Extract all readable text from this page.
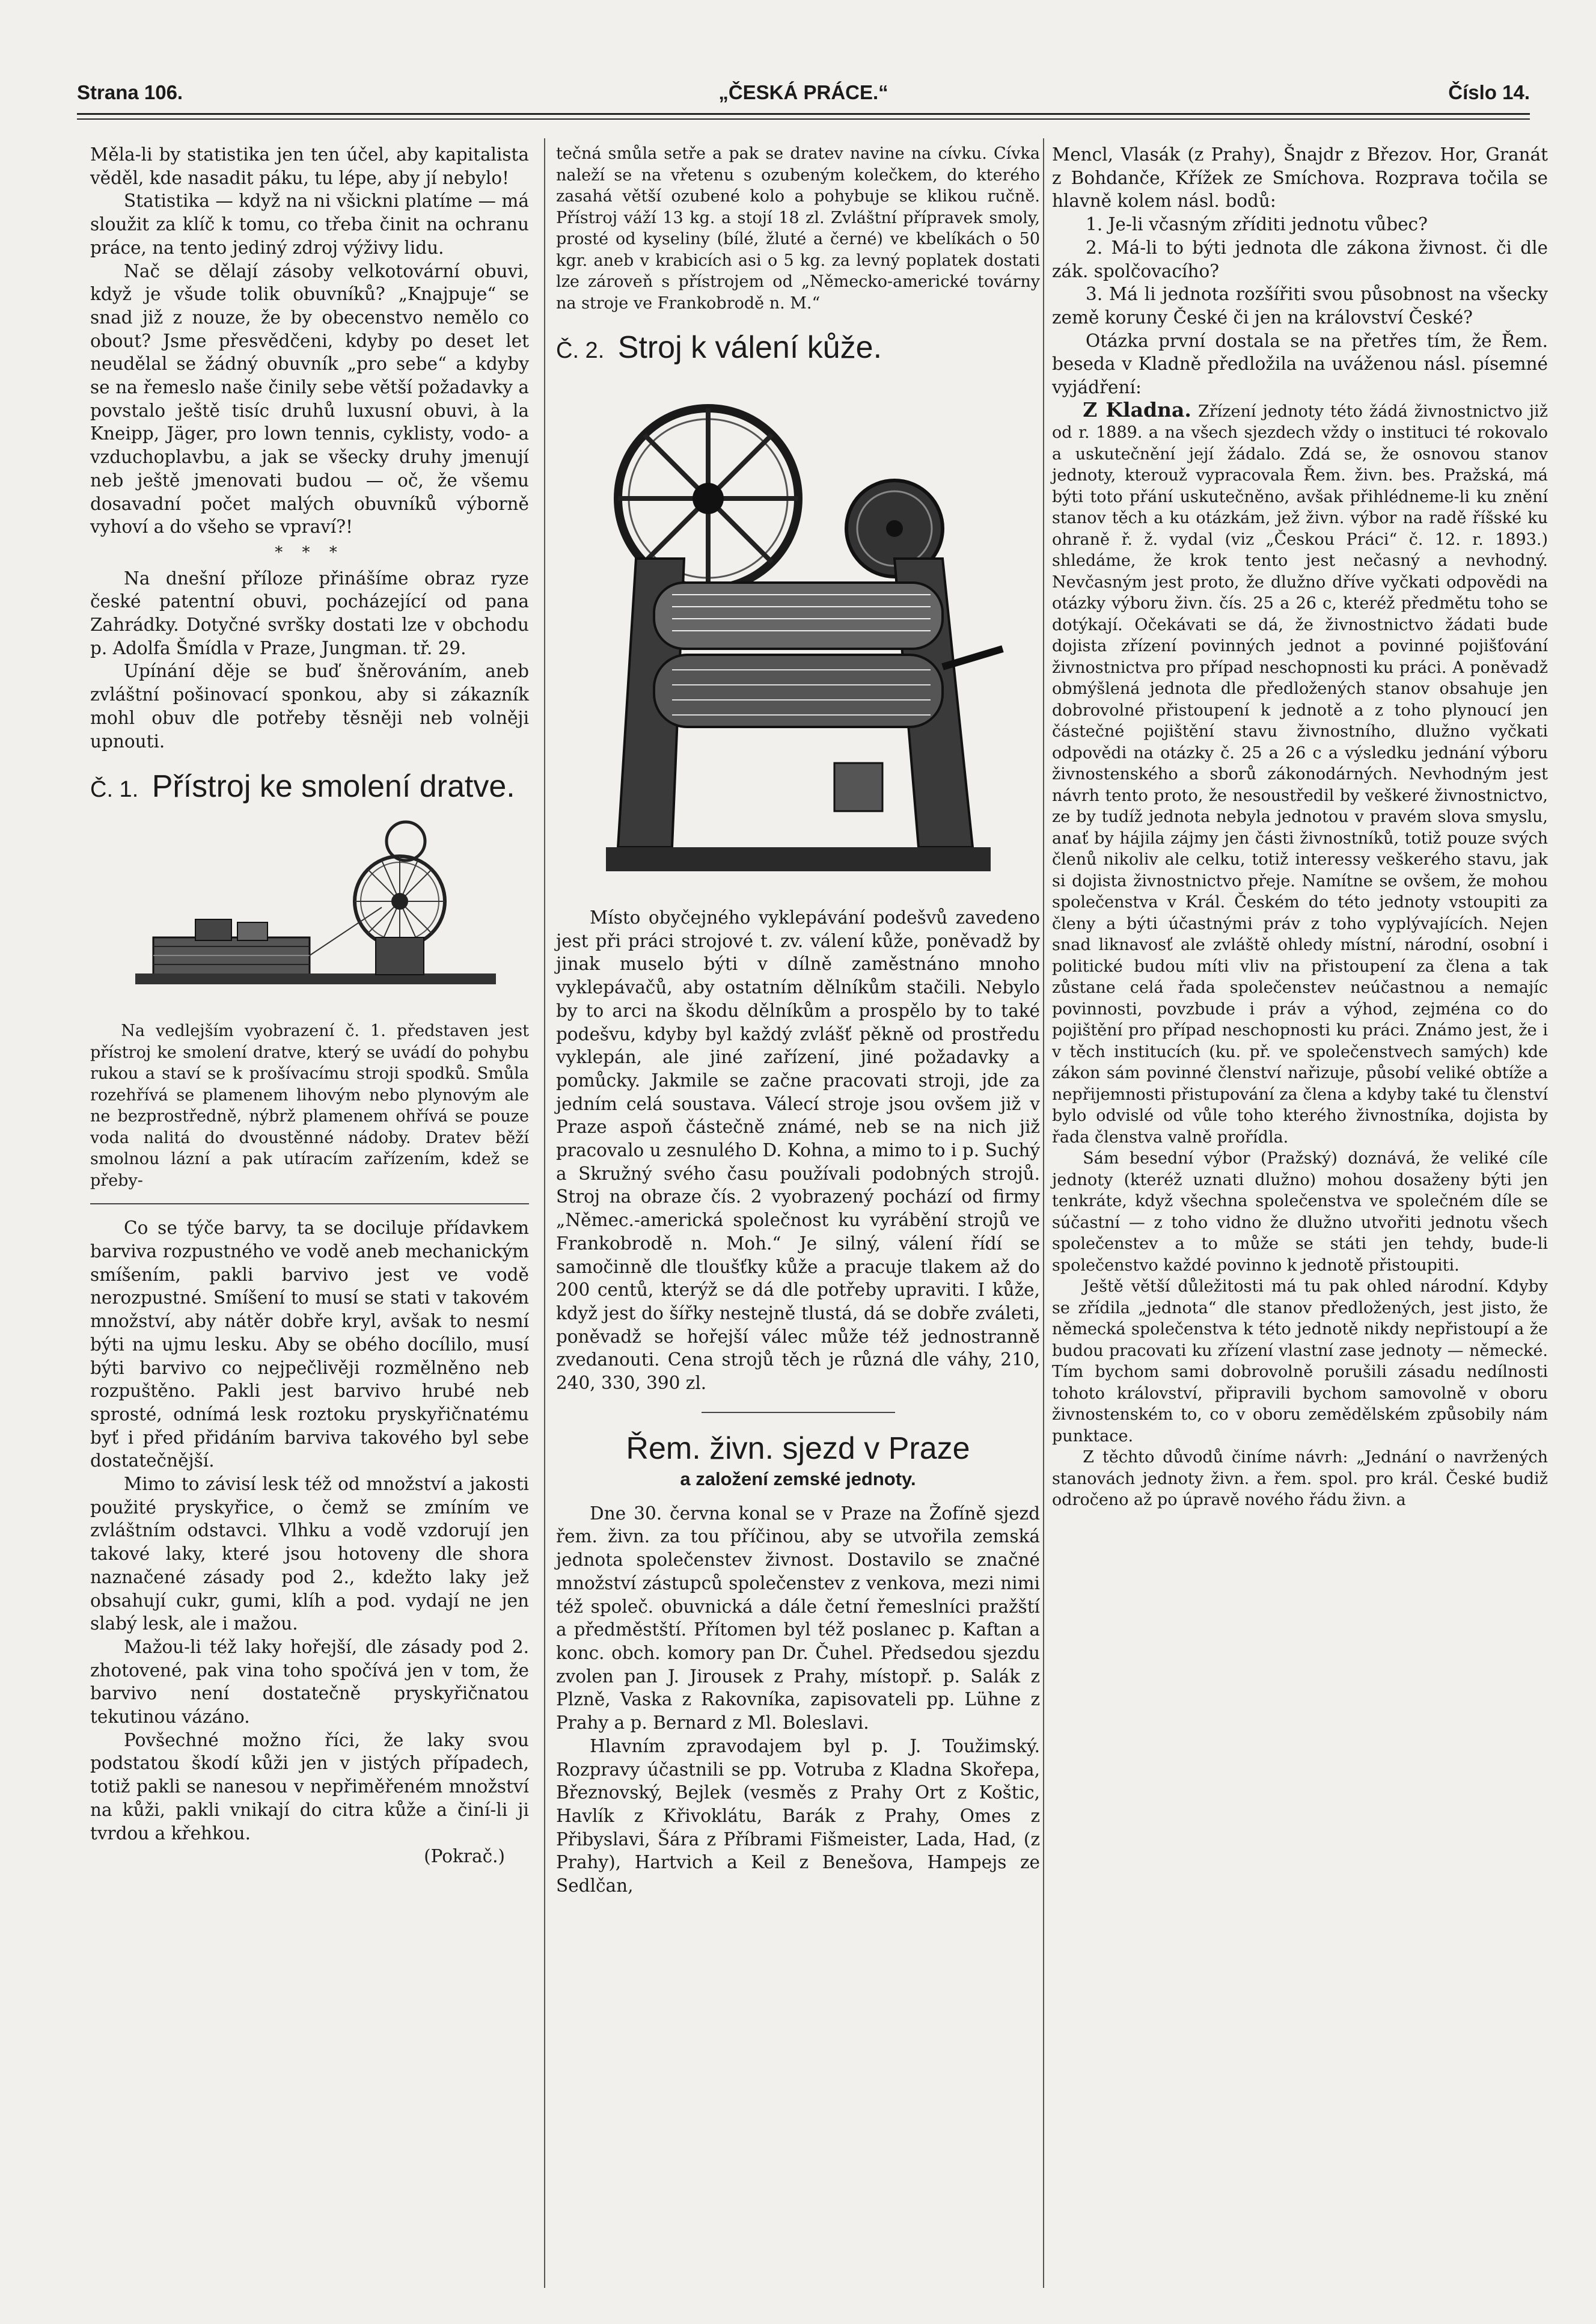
Strana 106.	„ČESKÁ PRÁCE.“	Číslo 14.

Měla-li by statistika jen ten účel, aby kapitalista věděl, kde nasadit páku, tu lépe, aby jí nebylo!

Statistika — když na ni všickni platíme — má sloužit za klíč k tomu, co třeba činit na ochranu práce, na tento jediný zdroj výživy lidu.

Nač se dělají zásoby velkotovární obuvi, když je všude tolik obuvníků? „Knajpuje“ se snad již z nouze, že by obecenstvo nemělo co obout? Jsme přesvědčeni, kdyby po deset let neudělal se žádný obuvník „pro sebe“ a kdyby se na řemeslo naše činily sebe větší požadavky a povstalo ještě tisíc druhů luxusní obuvi, à la Kneipp, Jäger, pro lown tennis, cyklisty, vodo- a vzduchoplavbu, a jak se všecky druhy jmenují neb ještě jmenovati budou — oč, že všemu dosavadní počet malých obuvníků výborně vyhoví a do všeho se vpraví?!

* * *

Na dnešní příloze přinášíme obraz ryze české patentní obuvi, pocházející od pana Zahrádky. Dotyčné svršky dostati lze v obchodu p. Adolfa Šmídla v Praze, Jungman. tř. 29.

Upínání děje se buď šněrováním, aneb zvláštní pošinovací sponkou, aby si zákazník mohl obuv dle potřeby těsněji neb volněji upnouti.

Č. 1. Přístroj ke smolení dratve.

Na vedlejším vyobrazení č. 1. představen jest přístroj ke smolení dratve, který se uvádí do pohybu rukou a staví se k prošívacímu stroji spodků. Smůla rozehřívá se plamenem lihovým nebo plynovým ale ne bezprostředně, nýbrž plamenem ohřívá se pouze voda nalitá do dvoustěnné nádoby. Dratev běží smolnou lázní a pak utíracím zařízením, kdež se přeby-

Co se týče barvy, ta se dociluje přídavkem barviva rozpustného ve vodě aneb mechanickým smíšením, pakli barvivo jest ve vodě nerozpustné. Smíšení to musí se stati v takovém množství, aby nátěr dobře kryl, avšak to nesmí býti na ujmu lesku. Aby se obého docílilo, musí býti barvivo co nejpečlivěji rozmělněno neb rozpuštěno. Pakli jest barvivo hrubé neb sprosté, odnímá lesk roztoku pryskyřičnatému byť i před přidáním barviva takového byl sebe dostatečnější.

Mimo to závisí lesk též od množství a jakosti použité pryskyřice, o čemž se zmíním ve zvláštním odstavci. Vlhku a vodě vzdorují jen takové laky, které jsou hotoveny dle shora naznačené zásady pod 2., kdežto laky jež obsahují cukr, gumi, klíh a pod. vydají ne jen slabý lesk, ale i mažou.

Mažou-li též laky hořejší, dle zásady pod 2. zhotovené, pak vina toho spočívá jen v tom, že barvivo není dostatečně pryskyřičnatou tekutinou vázáno.

Povšechné možno říci, že laky svou podstatou škodí kůži jen v jistých případech, totiž pakli se nanesou v nepřiměřeném množství na kůži, pakli vnikají do citra kůže a činí-li ji tvrdou a křehkou.

(Pokrač.)

tečná smůla setře a pak se dratev navine na cívku. Cívka naleží se na vřetenu s ozubeným kolečkem, do kterého zasahá větší ozubené kolo a pohybuje se klikou ručně. Přístroj váží 13 kg. a stojí 18 zl. Zvláštní přípravek smoly, prosté od kyseliny (bílé, žluté a černé) ve kbelíkách o 50 kgr. aneb v krabicích asi o 5 kg. za levný poplatek dostati lze zároveň s přístrojem od „Německo-americké továrny na stroje ve Frankobrodě n. M.“

Č. 2. Stroj k válení kůže.

Místo obyčejného vyklepávání podešvů zavedeno jest při práci strojové t. zv. válení kůže, poněvadž by jinak muselo býti v dílně zaměstnáno mnoho vyklepávačů, aby ostatním dělníkům stačili. Nebylo by to arci na škodu dělníkům a prospělo by to také podešvu, kdyby byl každý zvlášť pěkně od prostředu vyklepán, ale jiné zařízení, jiné požadavky a pomůcky. Jakmile se začne pracovati stroji, jde za jedním celá soustava. Válecí stroje jsou ovšem již v Praze aspoň částečně známé, neb se na nich již pracovalo u zesnulého D. Kohna, a mimo to i p. Suchý a Skružný svého času používali podobných strojů. Stroj na obraze čís. 2 vyobrazený pochází od firmy „Němec.-americká společnost ku vyrábění strojů ve Frankobrodě n. Moh.“ Je silný, válení řídí se samočinně dle tloušťky kůže a pracuje tlakem až do 200 centů, kterýž se dá dle potřeby upraviti. I kůže, když jest do šířky nestejně tlustá, dá se dobře zváleti, poněvadž se hořejší válec může též jednostranně zvedanouti. Cena strojů těch je různá dle váhy, 210, 240, 330, 390 zl.

Řem. živn. sjezd v Praze
a založení zemské jednoty.

Dne 30. června konal se v Praze na Žofíně sjezd řem. živn. za tou příčinou, aby se utvořila zemská jednota společenstev živnost. Dostavilo se značné množství zástupců společenstev z venkova, mezi nimi též společ. obuvnická a dále četní řemeslníci pražští a předměstští. Přítomen byl též poslanec p. Kaftan a konc. obch. komory pan Dr. Čuhel. Předsedou sjezdu zvolen pan J. Jirousek z Prahy, místopř. p. Salák z Plzně, Vaska z Rakovníka, zapisovateli pp. Lühne z Prahy a p. Bernard z Ml. Boleslavi.

Hlavním zpravodajem byl p. J. Toužimský. Rozpravy účastnili se pp. Votruba z Kladna Skořepa, Březnovský, Bejlek (vesměs z Prahy Ort z Koštic, Havlík z Křivoklátu, Barák z Prahy, Omes z Přibyslavi, Šára z Příbrami Fišmeister, Lada, Had, (z Prahy), Hartvich a Keil z Benešova, Hampejs ze Sedlčan,

Mencl, Vlasák (z Prahy), Šnajdr z Březov. Hor, Granát z Bohdanče, Křížek ze Smíchova. Rozprava točila se hlavně kolem násl. bodů:

1. Je-li včasným zříditi jednotu vůbec?

2. Má-li to býti jednota dle zákona živnost. či dle zák. spolčovacího?

3. Má li jednota rozšířiti svou působnost na všecky země koruny České či jen na království České?

Otázka první dostala se na přetřes tím, že Řem. beseda v Kladně předložila na uváženou násl. písemné vyjádření:

Z Kladna. Zřízení jednoty této žádá živnostnictvo již od r. 1889. a na všech sjezdech vždy o instituci té rokovalo a uskutečnění její žádalo. Zdá se, že osnovou stanov jednoty, kterouž vypracovala Řem. živn. bes. Pražská, má býti toto přání uskutečněno, avšak přihlédneme-li ku znění stanov těch a ku otázkám, jež živn. výbor na radě říšské ku ohraně ř. ž. vydal (viz „Českou Práci“ č. 12. r. 1893.) shledáme, že krok tento jest nečasný a nevhodný. Nevčasným jest proto, že dlužno dříve vyčkati odpovědi na otázky výboru živn. čís. 25 a 26 c, kteréž předmětu toho se dotýkají. Očekávati se dá, že živnostnictvo žádati bude dojista zřízení povinných jednot a povinné pojišťování živnostnictva pro případ neschopnosti ku práci. A poněvadž obmýšlená jednota dle předložených stanov obsahuje jen dobrovolné přistoupení k jednotě a z toho plynoucí jen částečné pojištění stavu živnostního, dlužno vyčkati odpovědi na otázky č. 25 a 26 c a výsledku jednání výboru živnostenského a sborů zákonodárných. Nevhodným jest návrh tento proto, že nesoustředil by veškeré živnostnictvo, ze by tudíž jednota nebyla jednotou v pravém slova smyslu, anať by hájila zájmy jen části živnostníků, totiž pouze svých členů nikoliv ale celku, totiž interessy veškerého stavu, jak si dojista živnostnictvo přeje. Namítne se ovšem, že mohou společenstva v Král. Českém do této jednoty vstoupiti za členy a býti účastnými práv z toho vyplývajících. Nejen snad liknavosť ale zvláště ohledy místní, národní, osobní i politické budou míti vliv na přistoupení za člena a tak zůstane celá řada společenstev neúčastnou a nemajíc povinnosti, povzbude i práv a výhod, zejména co do pojištění pro případ neschopnosti ku práci. Známo jest, že i v těch institucích (ku. př. ve společenstvech samých) kde zákon sám povinné členství nařizuje, působí veliké obtíže a nepřijemnosti přistupování za člena a kdyby také tu členství bylo odvislé od vůle toho kterého živnostníka, dojista by řada členstva valně prořídla.

Sám besední výbor (Pražský) doznává, že veliké cíle jednoty (kteréž uznati dlužno) mohou dosaženy býti jen tenkráte, když všechna společenstva ve společném díle se súčastní — z toho vidno že dlužno utvořiti jednotu všech společenstev a to může se státi jen tehdy, bude-li společenstvo každé povinno k jednotě přistoupiti.

Ještě větší důležitosti má tu pak ohled národní. Kdyby se zřídila „jednota“ dle stanov předložených, jest jisto, že německá společenstva k této jednotě nikdy nepřistoupí a že budou pracovati ku zřízení vlastní zase jednoty — německé. Tím bychom sami dobrovolně porušili zásadu nedílnosti tohoto království, připravili bychom samovolně v oboru živnostenském to, co v oboru zemědělském způsobily nám punktace.

Z těchto důvodů činíme návrh: „Jednání o navržených stanovách jednoty živn. a řem. spol. pro král. České budiž odročeno až po úpravě nového řádu živn. a
